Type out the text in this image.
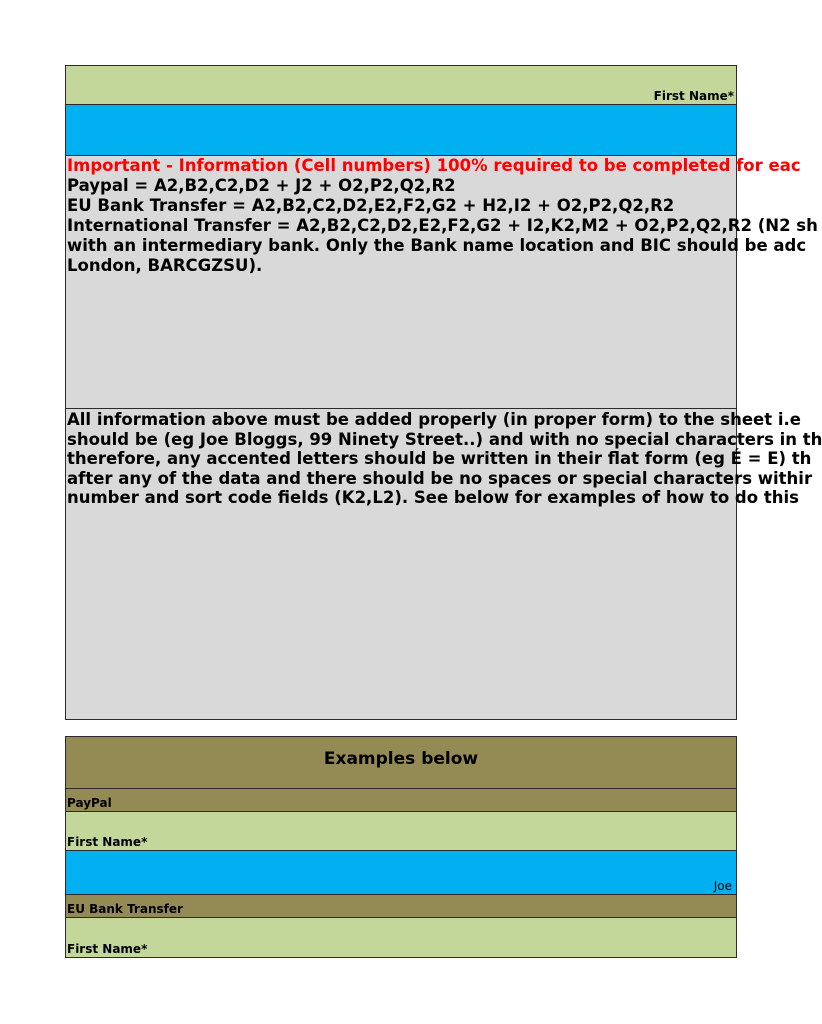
First Name*
Important - Information (Cell numbers) 100% required to be completed for eac
Paypal = A2,B2,C2,D2 + J2 + O2,P2,Q2,R2
EU Bank Transfer = A2,B2,C2,D2,E2,F2,G2 + H2,I2 + O2,P2,Q2,R2
International Transfer = A2,B2,C2,D2,E2,F2,G2 + I2,K2,M2 + O2,P2,Q2,R2 (N2 sh
with an intermediary bank. Only the Bank name location and BIC should be adc
London, BARCGZSU).
All information above must be added properly (in proper form) to the sheet i.e
should be (eg Joe Bloggs, 99 Ninety Street..) and with no special characters in th
therefore, any accented letters should be written in their flat form (eg É = E) th
after any of the data and there should be no spaces or special characters withir
number and sort code fields (K2,L2). See below for examples of how to do this
Examples below
PayPal
First Name*
Joe
EU Bank Transfer
First Name*
